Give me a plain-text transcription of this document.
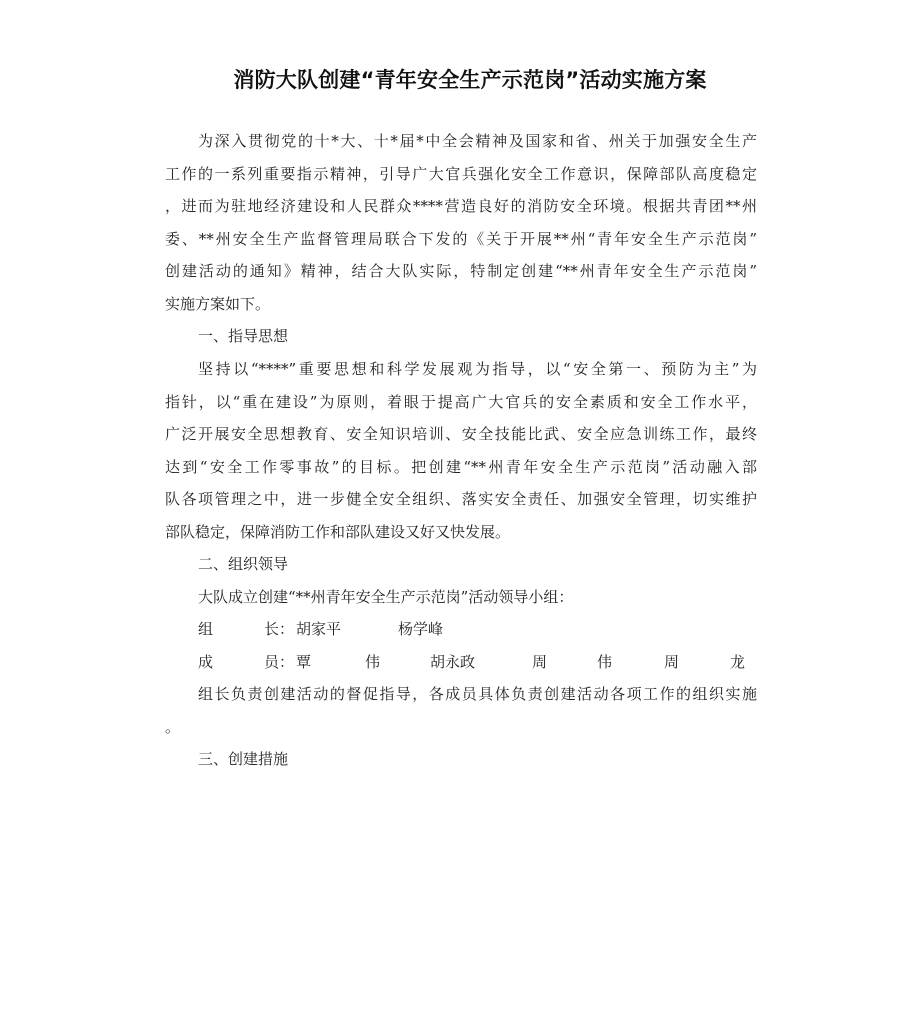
消防大队创建“青年安全生产示范岗”活动实施方案
为深入贯彻党的十*大、十*届*中全会精神及国家和省、州关于加强安全生产
工作的一系列重要指示精神，引导广大官兵强化安全工作意识，保障部队高度稳定
，进而为驻地经济建设和人民群众****营造良好的消防安全环境。根据共青团**州
委、**州安全生产监督管理局联合下发的《关于开展**州“青年安全生产示范岗”
创建活动的通知》精神，结合大队实际，特制定创建“**州青年安全生产示范岗”
实施方案如下。
一、指导思想
坚持以“****”重要思想和科学发展观为指导，以“安全第一、预防为主”为
指针，以“重在建设”为原则，着眼于提高广大官兵的安全素质和安全工作水平，
广泛开展安全思想教育、安全知识培训、安全技能比武、安全应急训练工作，最终
达到“安全工作零事故”的目标。把创建“**州青年安全生产示范岗”活动融入部
队各项管理之中，进一步健全安全组织、落实安全责任、加强安全管理，切实维护
部队稳定，保障消防工作和部队建设又好又快发展。
二、组织领导
大队成立创建“**州青年安全生产示范岗”活动领导小组：
组	长： 胡家平	杨学峰
成	员： 覃	伟	胡永政	周	伟	周	龙
组长负责创建活动的督促指导，各成员具体负责创建活动各项工作的组织实施
。
三、创建措施
